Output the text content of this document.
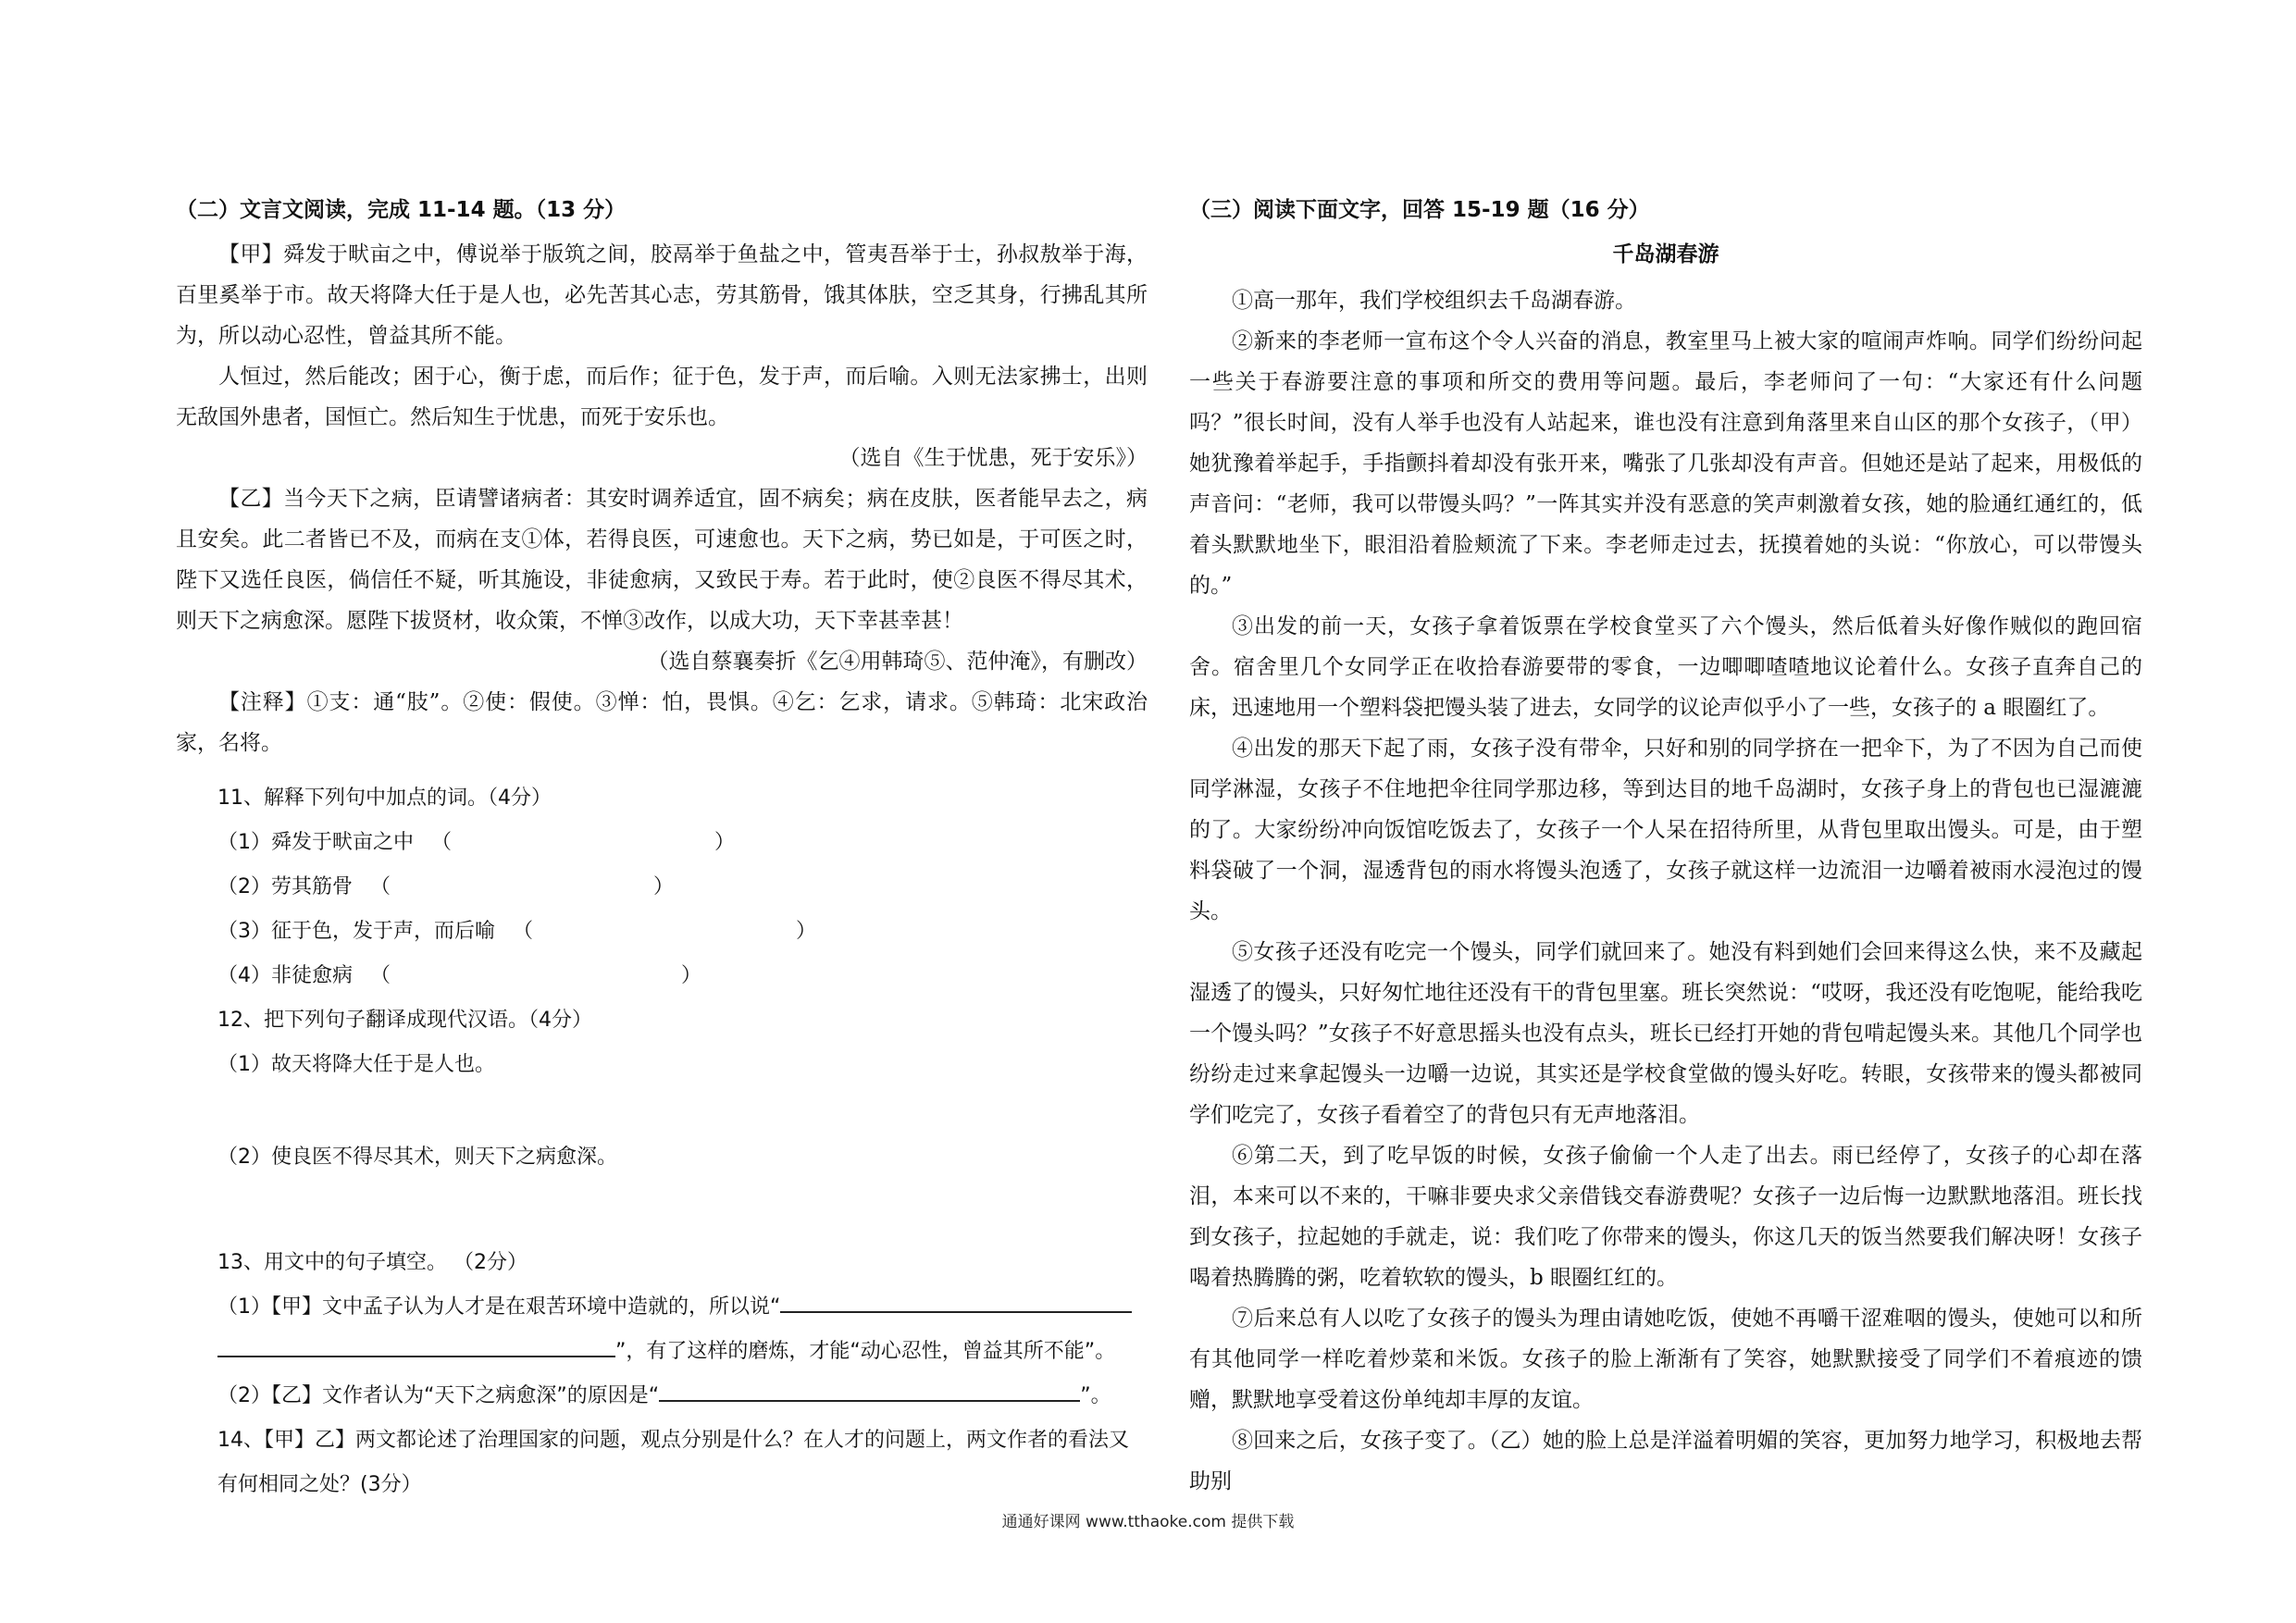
（二）文言文阅读，完成 11-14 题。（13 分）

【甲】舜发于畎亩之中，傅说举于版筑之间，胶鬲举于鱼盐之中，管夷吾举于士，孙叔敖举于海，百里奚举于市。故天将降大任于是人也，必先苦其心志，劳其筋骨，饿其体肤，空乏其身，行拂乱其所为，所以动心忍性，曾益其所不能。

人恒过，然后能改；困于心，衡于虑，而后作；征于色，发于声，而后喻。入则无法家拂士，出则无敌国外患者，国恒亡。然后知生于忧患，而死于安乐也。

（选自《生于忧患，死于安乐》）

【乙】当今天下之病，臣请譬诸病者：其安时调养适宜，固不病矣；病在皮肤，医者能早去之，病且安矣。此二者皆已不及，而病在支①体，若得良医，可速愈也。天下之病，势已如是，于可医之时，陛下又选任良医，倘信任不疑，听其施设，非徒愈病，又致民于寿。若于此时，使②良医不得尽其术，则天下之病愈深。愿陛下拔贤材，收众策，不惮③改作，以成大功，天下幸甚幸甚！

（选自蔡襄奏折《乞④用韩琦⑤、范仲淹》，有删改）

【注释】①支：通“肢”。②使：假使。③惮：怕，畏惧。④乞：乞求，请求。⑤韩琦：北宋政治家，名将。

11、解释下列句中加点的词。（4分）

（1）舜发于畎亩之中 （	）

（2）劳其筋骨 （	）

（3）征于色，发于声，而后喻 （	）

（4）非徒愈病 （	）

12、把下列句子翻译成现代汉语。（4分）

（1）故天将降大任于是人也。

（2）使良医不得尽其术，则天下之病愈深。

13、用文中的句子填空。 （2分）

（1）【甲】文中孟子认为人才是在艰苦环境中造就的，所以说“

”，有了这样的磨炼，才能“动心忍性，曾益其所不能”。

（2）【乙】文作者认为“天下之病愈深”的原因是“	”。

14、【甲】乙】两文都论述了治理国家的问题，观点分别是什么？在人才的问题上，两文作者的看法又有何相同之处？(3分）

（三）阅读下面文字，回答 15-19 题（16 分）

千岛湖春游

①高一那年，我们学校组织去千岛湖春游。

②新来的李老师一宣布这个令人兴奋的消息，教室里马上被大家的喧闹声炸响。同学们纷纷问起一些关于春游要注意的事项和所交的费用等问题。最后，李老师问了一句：“大家还有什么问题吗？”很长时间，没有人举手也没有人站起来，谁也没有注意到角落里来自山区的那个女孩子，（甲）她犹豫着举起手，手指颤抖着却没有张开来，嘴张了几张却没有声音。但她还是站了起来，用极低的声音问：“老师，我可以带馒头吗？”一阵其实并没有恶意的笑声刺激着女孩，她的脸通红通红的，低着头默默地坐下，眼泪沿着脸颊流了下来。李老师走过去，抚摸着她的头说：“你放心，可以带馒头的。”

③出发的前一天，女孩子拿着饭票在学校食堂买了六个馒头，然后低着头好像作贼似的跑回宿舍。宿舍里几个女同学正在收拾春游要带的零食，一边唧唧喳喳地议论着什么。女孩子直奔自己的床，迅速地用一个塑料袋把馒头装了进去，女同学的议论声似乎小了一些，女孩子的 a 眼圈红了。

④出发的那天下起了雨，女孩子没有带伞，只好和别的同学挤在一把伞下，为了不因为自己而使同学淋湿，女孩子不住地把伞往同学那边移，等到达目的地千岛湖时，女孩子身上的背包也已湿漉漉的了。大家纷纷冲向饭馆吃饭去了，女孩子一个人呆在招待所里，从背包里取出馒头。可是，由于塑料袋破了一个洞，湿透背包的雨水将馒头泡透了，女孩子就这样一边流泪一边嚼着被雨水浸泡过的馒头。

⑤女孩子还没有吃完一个馒头，同学们就回来了。她没有料到她们会回来得这么快，来不及藏起湿透了的馒头，只好匆忙地往还没有干的背包里塞。班长突然说：“哎呀，我还没有吃饱呢，能给我吃一个馒头吗？”女孩子不好意思摇头也没有点头，班长已经打开她的背包啃起馒头来。其他几个同学也纷纷走过来拿起馒头一边嚼一边说，其实还是学校食堂做的馒头好吃。转眼，女孩带来的馒头都被同学们吃完了，女孩子看着空了的背包只有无声地落泪。

⑥第二天，到了吃早饭的时候，女孩子偷偷一个人走了出去。雨已经停了，女孩子的心却在落泪，本来可以不来的，干嘛非要央求父亲借钱交春游费呢？女孩子一边后悔一边默默地落泪。班长找到女孩子，拉起她的手就走，说：我们吃了你带来的馒头，你这几天的饭当然要我们解决呀！女孩子喝着热腾腾的粥，吃着软软的馒头，b 眼圈红红的。

⑦后来总有人以吃了女孩子的馒头为理由请她吃饭，使她不再嚼干涩难咽的馒头，使她可以和所有其他同学一样吃着炒菜和米饭。女孩子的脸上渐渐有了笑容，她默默接受了同学们不着痕迹的馈赠，默默地享受着这份单纯却丰厚的友谊。

⑧回来之后，女孩子变了。（乙）她的脸上总是洋溢着明媚的笑容，更加努力地学习，积极地去帮助别

通通好课网 www.tthaoke.com 提供下载
